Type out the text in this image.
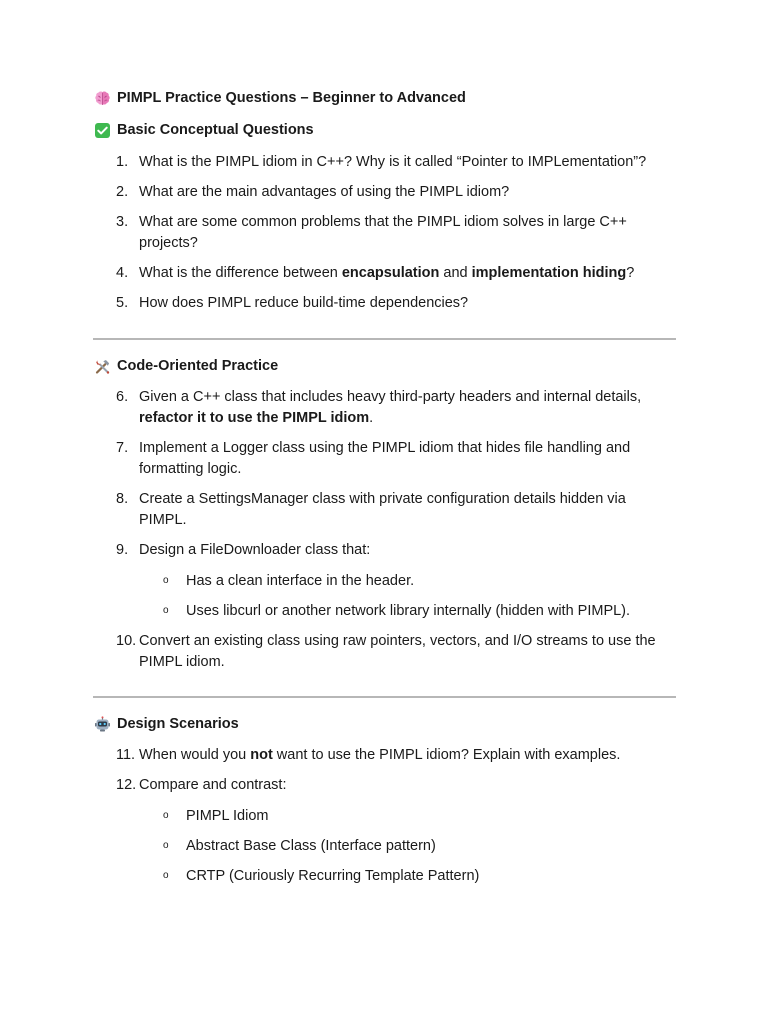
PIMPL Practice Questions – Beginner to Advanced
Basic Conceptual Questions
1. What is the PIMPL idiom in C++? Why is it called “Pointer to IMPLementation”?
2. What are the main advantages of using the PIMPL idiom?
3. What are some common problems that the PIMPL idiom solves in large C++ projects?
4. What is the difference between encapsulation and implementation hiding?
5. How does PIMPL reduce build-time dependencies?
Code-Oriented Practice
6. Given a C++ class that includes heavy third-party headers and internal details, refactor it to use the PIMPL idiom.
7. Implement a Logger class using the PIMPL idiom that hides file handling and formatting logic.
8. Create a SettingsManager class with private configuration details hidden via PIMPL.
9. Design a FileDownloader class that:
o Has a clean interface in the header.
o Uses libcurl or another network library internally (hidden with PIMPL).
10. Convert an existing class using raw pointers, vectors, and I/O streams to use the PIMPL idiom.
Design Scenarios
11. When would you not want to use the PIMPL idiom? Explain with examples.
12. Compare and contrast:
o PIMPL Idiom
o Abstract Base Class (Interface pattern)
o CRTP (Curiously Recurring Template Pattern)
